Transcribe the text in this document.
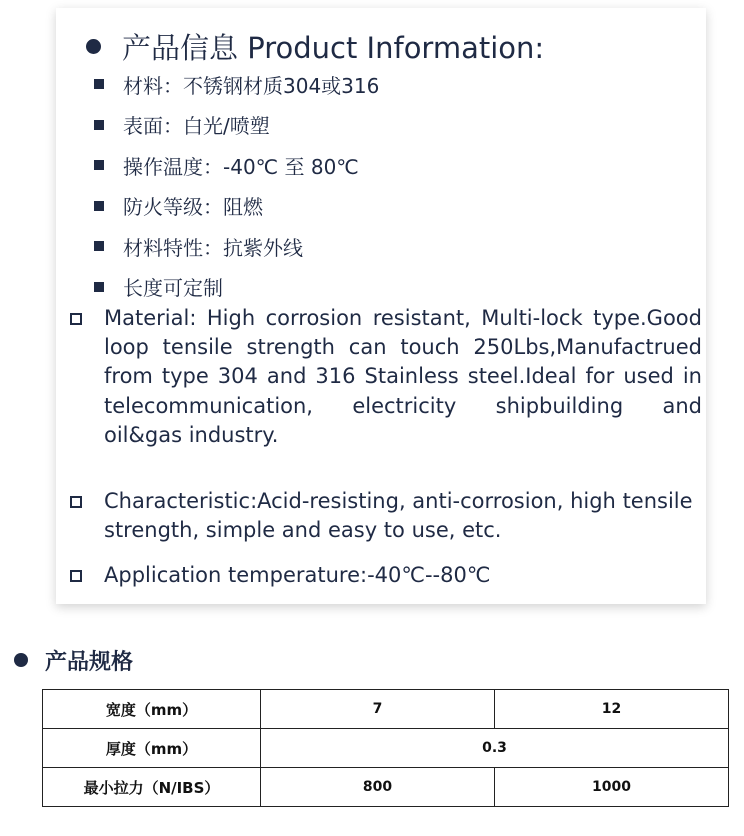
产品信息 Product Information:
材料：不锈钢材质304或316
表面：白光/喷塑
操作温度：-40℃ 至 80℃
防火等级：阻燃
材料特性：抗紫外线
长度可定制
Material: High corrosion resistant, Multi-lock type.Good loop tensile strength can touch 250Lbs,Manufactrued from type 304 and 316 Stainless steel.Ideal for used in telecommunication, electricity shipbuilding and
oil&gas industry.
Characteristic:Acid-resisting, anti-corrosion, high tensile strength, simple and easy to use, etc.
Application temperature:-40℃--80℃
产品规格
宽度（mm）	7	12
厚度（mm）	0.3	
最小拉力（N/IBS）	800	1000
